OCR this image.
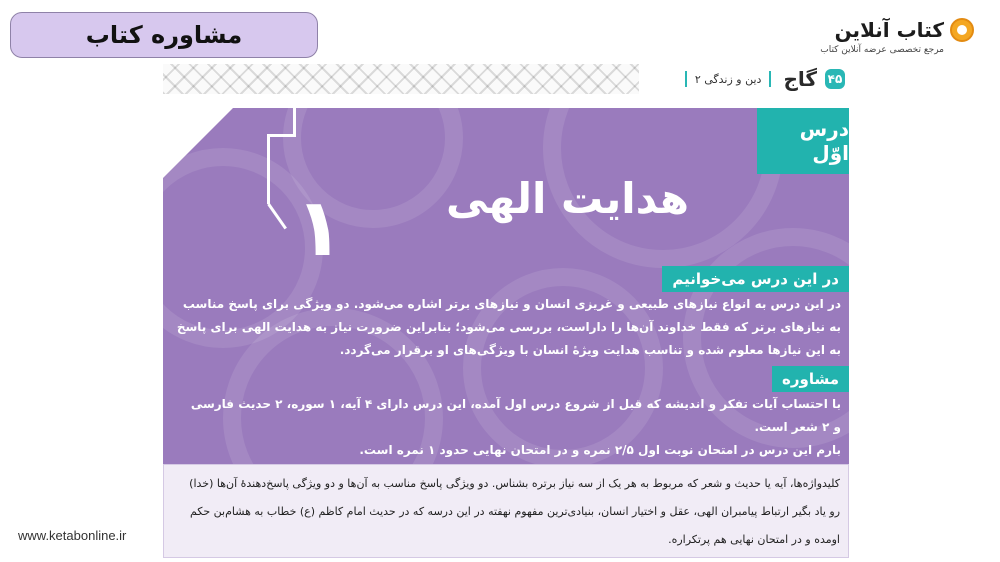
مشاوره کتاب	کتاب آنلاین
مرجع تخصصی عرضه آنلاین کتاب
۴۵
گاج
دین و زندگی ۲
درس اوّل
هدایت الهی
۱
در این درس می‌خوانیم
در این درس به انواع نیازهای طبیعی و غریزی انسان و نیازهای برتر اشاره می‌شود. دو ویژگی برای پاسخ مناسب
به نیازهای برتر که فقط خداوند آن‌ها را داراست، بررسی می‌شود؛ بنابراین ضرورت نیاز به هدایت الهی برای پاسخ
به این نیازها معلوم شده و تناسب هدایت ویژۀ انسان با ویژگی‌های او برقرار می‌گردد.
مشاوره
با احتساب آیات تفکر و اندیشه که قبل از شروع درس اول آمده، این درس دارای ۴ آیه، ۱ سوره، ۲ حدیث فارسی
و ۲ شعر است.
بارم این درس در امتحان نوبت اول ۲/۵ نمره و در امتحان نهایی حدود ۱ نمره است.
کلیدواژه‌ها، آیه یا حدیث و شعر که مربوط به هر یک از سه نیاز برتره بشناس. دو ویژگی پاسخ مناسب به آن‌ها و دو ویژگی پاسخ‌دهندۀ آن‌ها (خدا)
رو یاد بگیر ارتباط پیامبران الهی، عقل و اختیار انسان، بنیادی‌ترین مفهوم نهفته در این درسه که در حدیث امام کاظم (ع) خطاب به هشام‌بن حکم
اومده و در امتحان نهایی هم پرتکراره.
www.ketabonline.ir
